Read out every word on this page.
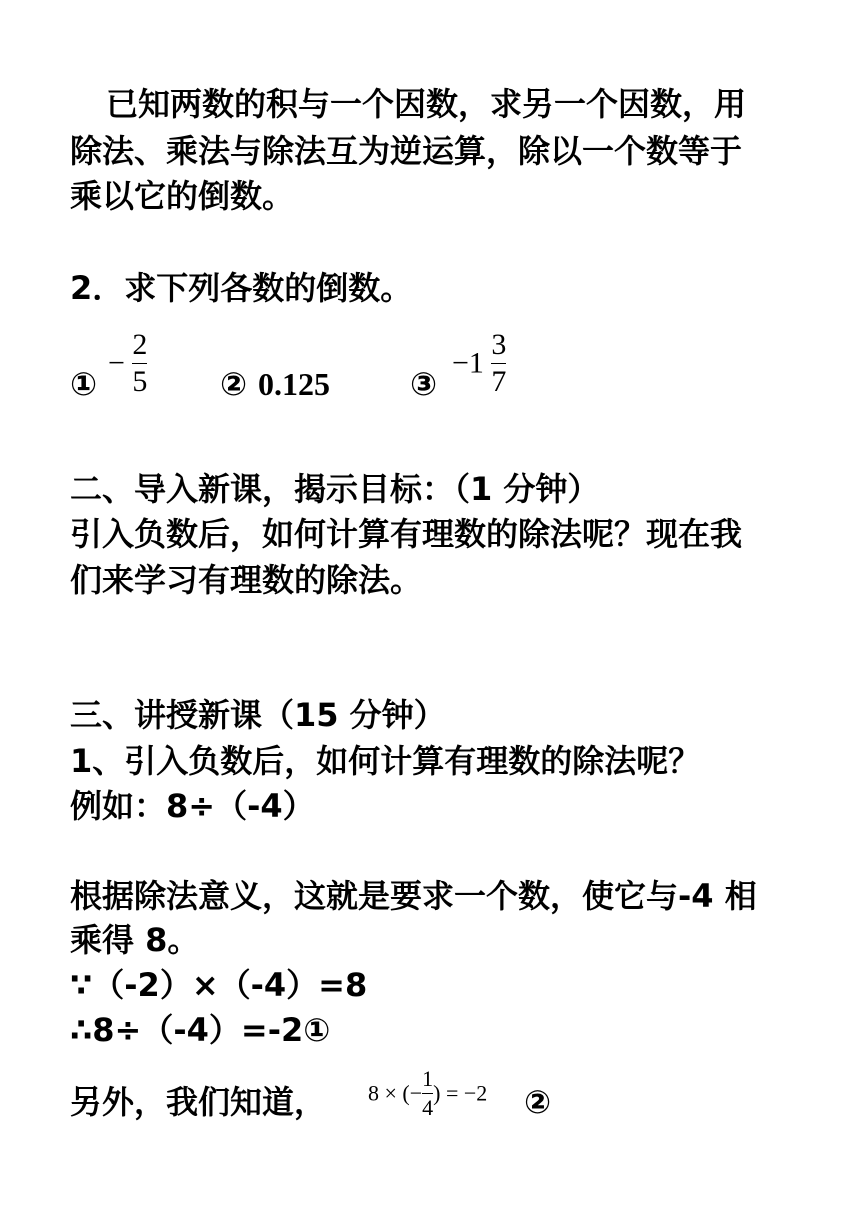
已知两数的积与一个因数，求另一个因数，用
除法、乘法与除法互为逆运算，除以一个数等于
乘以它的倒数。
2．求下列各数的倒数。
①
− $\frac{2}{5}$ ② 0.125	③
$-1 \frac{3}{7}$
二、导入新课，揭示目标：（1 分钟）
引入负数后，如何计算有理数的除法呢？现在我
们来学习有理数的除法。
三、讲授新课（15 分钟）
1、引入负数后，如何计算有理数的除法呢？
例如：8÷（-4）
根据除法意义，这就是要求一个数，使它与-4 相
乘得 8。
∵（-2）×（-4）=8
∴8÷（-4）=-2①
另外，我们知道，	8 × (− $\frac{1}{4}$ ) = −2 ②
